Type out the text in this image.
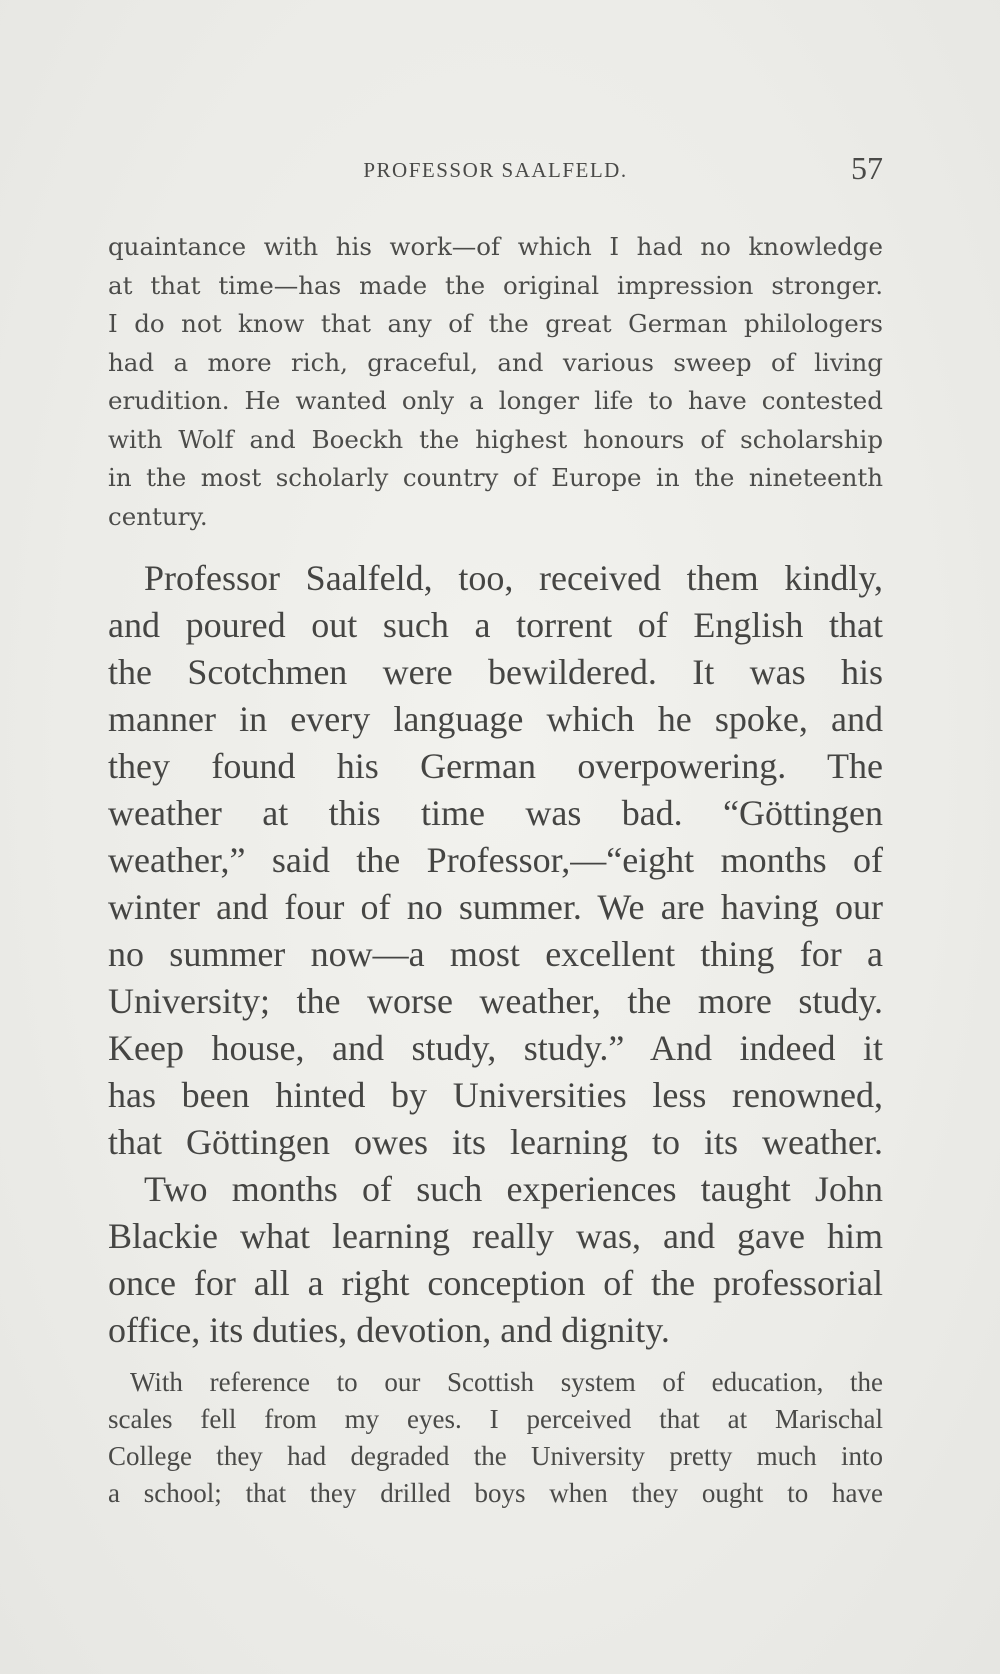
PROFESSOR SAALFELD.	57
quaintance with his work—of which I had no knowledge
at that time—has made the original impression stronger.
I do not know that any of the great German philologers
had a more rich, graceful, and various sweep of living
erudition. He wanted only a longer life to have contested
with Wolf and Boeckh the highest honours of scholarship
in the most scholarly country of Europe in the nineteenth
century.
Professor Saalfeld, too, received them kindly,
and poured out such a torrent of English that
the Scotchmen were bewildered. It was his
manner in every language which he spoke, and
they found his German overpowering. The
weather at this time was bad. “Göttingen
weather,” said the Professor,—“eight months of
winter and four of no summer. We are having our
no summer now—a most excellent thing for a
University; the worse weather, the more study.
Keep house, and study, study.” And indeed it
has been hinted by Universities less renowned,
that Göttingen owes its learning to its weather.
Two months of such experiences taught John
Blackie what learning really was, and gave him
once for all a right conception of the professorial
office, its duties, devotion, and dignity.
With reference to our Scottish system of education, the
scales fell from my eyes. I perceived that at Marischal
College they had degraded the University pretty much into
a school; that they drilled boys when they ought to have
